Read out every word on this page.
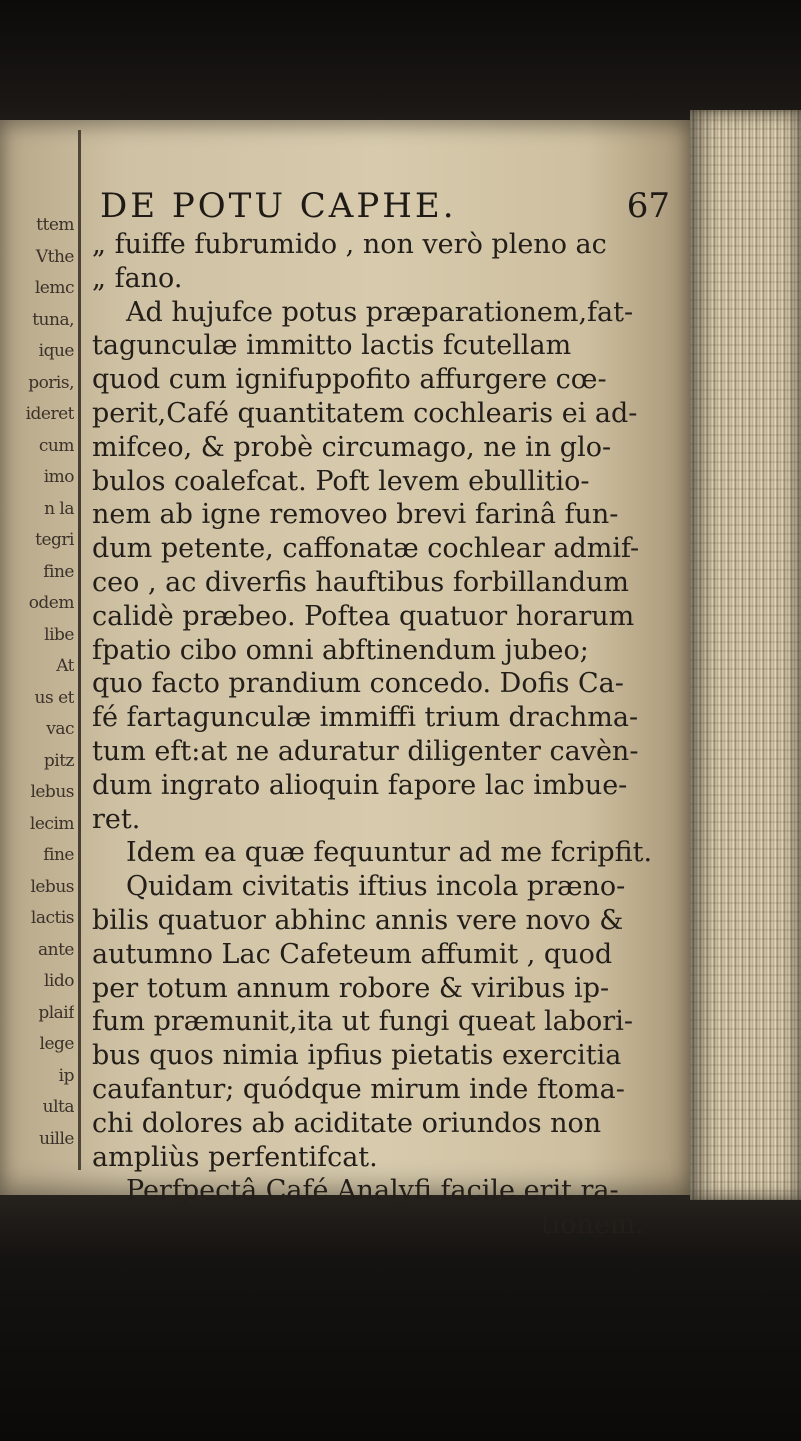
ttem
Vthe
lemc
tuna,
ique
poris,
ideret
cum
imo
n la
tegri
fine
odem
libe
At
us et
vac
pitz
lebus
lecim
fine
lebus
lactis
ante
lido
plaif
lege
ip
ulta
uille
DE POTU CAPHE.	67
„ fuiffe fubrumido , non verò pleno ac
„ fano.
Ad hujufce potus præparationem,fat-
tagunculæ immitto lactis fcutellam
quod cum ignifuppofito affurgere cœ-
perit,Café quantitatem cochlearis ei ad-
mifceo, & probè circumago, ne in glo-
bulos coalefcat. Poft levem ebullitio-
nem ab igne removeo brevi farinâ fun-
dum petente, caffonatæ cochlear admif-
ceo , ac diverfis hauftibus forbillandum
calidè præbeo. Poftea quatuor horarum
fpatio cibo omni abftinendum jubeo;
quo facto prandium concedo. Dofis Ca-
fé fartagunculæ immiffi trium drachma-
tum eft:at ne aduratur diligenter cavèn-
dum ingrato alioquin fapore lac imbue-
ret.
Idem ea quæ fequuntur ad me fcripfit.
Quidam civitatis iftius incola præno-
bilis quatuor abhinc annis vere novo &
autumno Lac Cafeteum affumit , quod
per totum annum robore & viribus ip-
fum præmunit,ita ut fungi queat labori-
bus quos nimia ipfius pietatis exercitia
caufantur; quódque mirum inde ftoma-
chi dolores ab aciditate oriundos non
ampliùs perfentifcat.
Perfpectâ Café Analyfi facile erit ra-
tionem.
